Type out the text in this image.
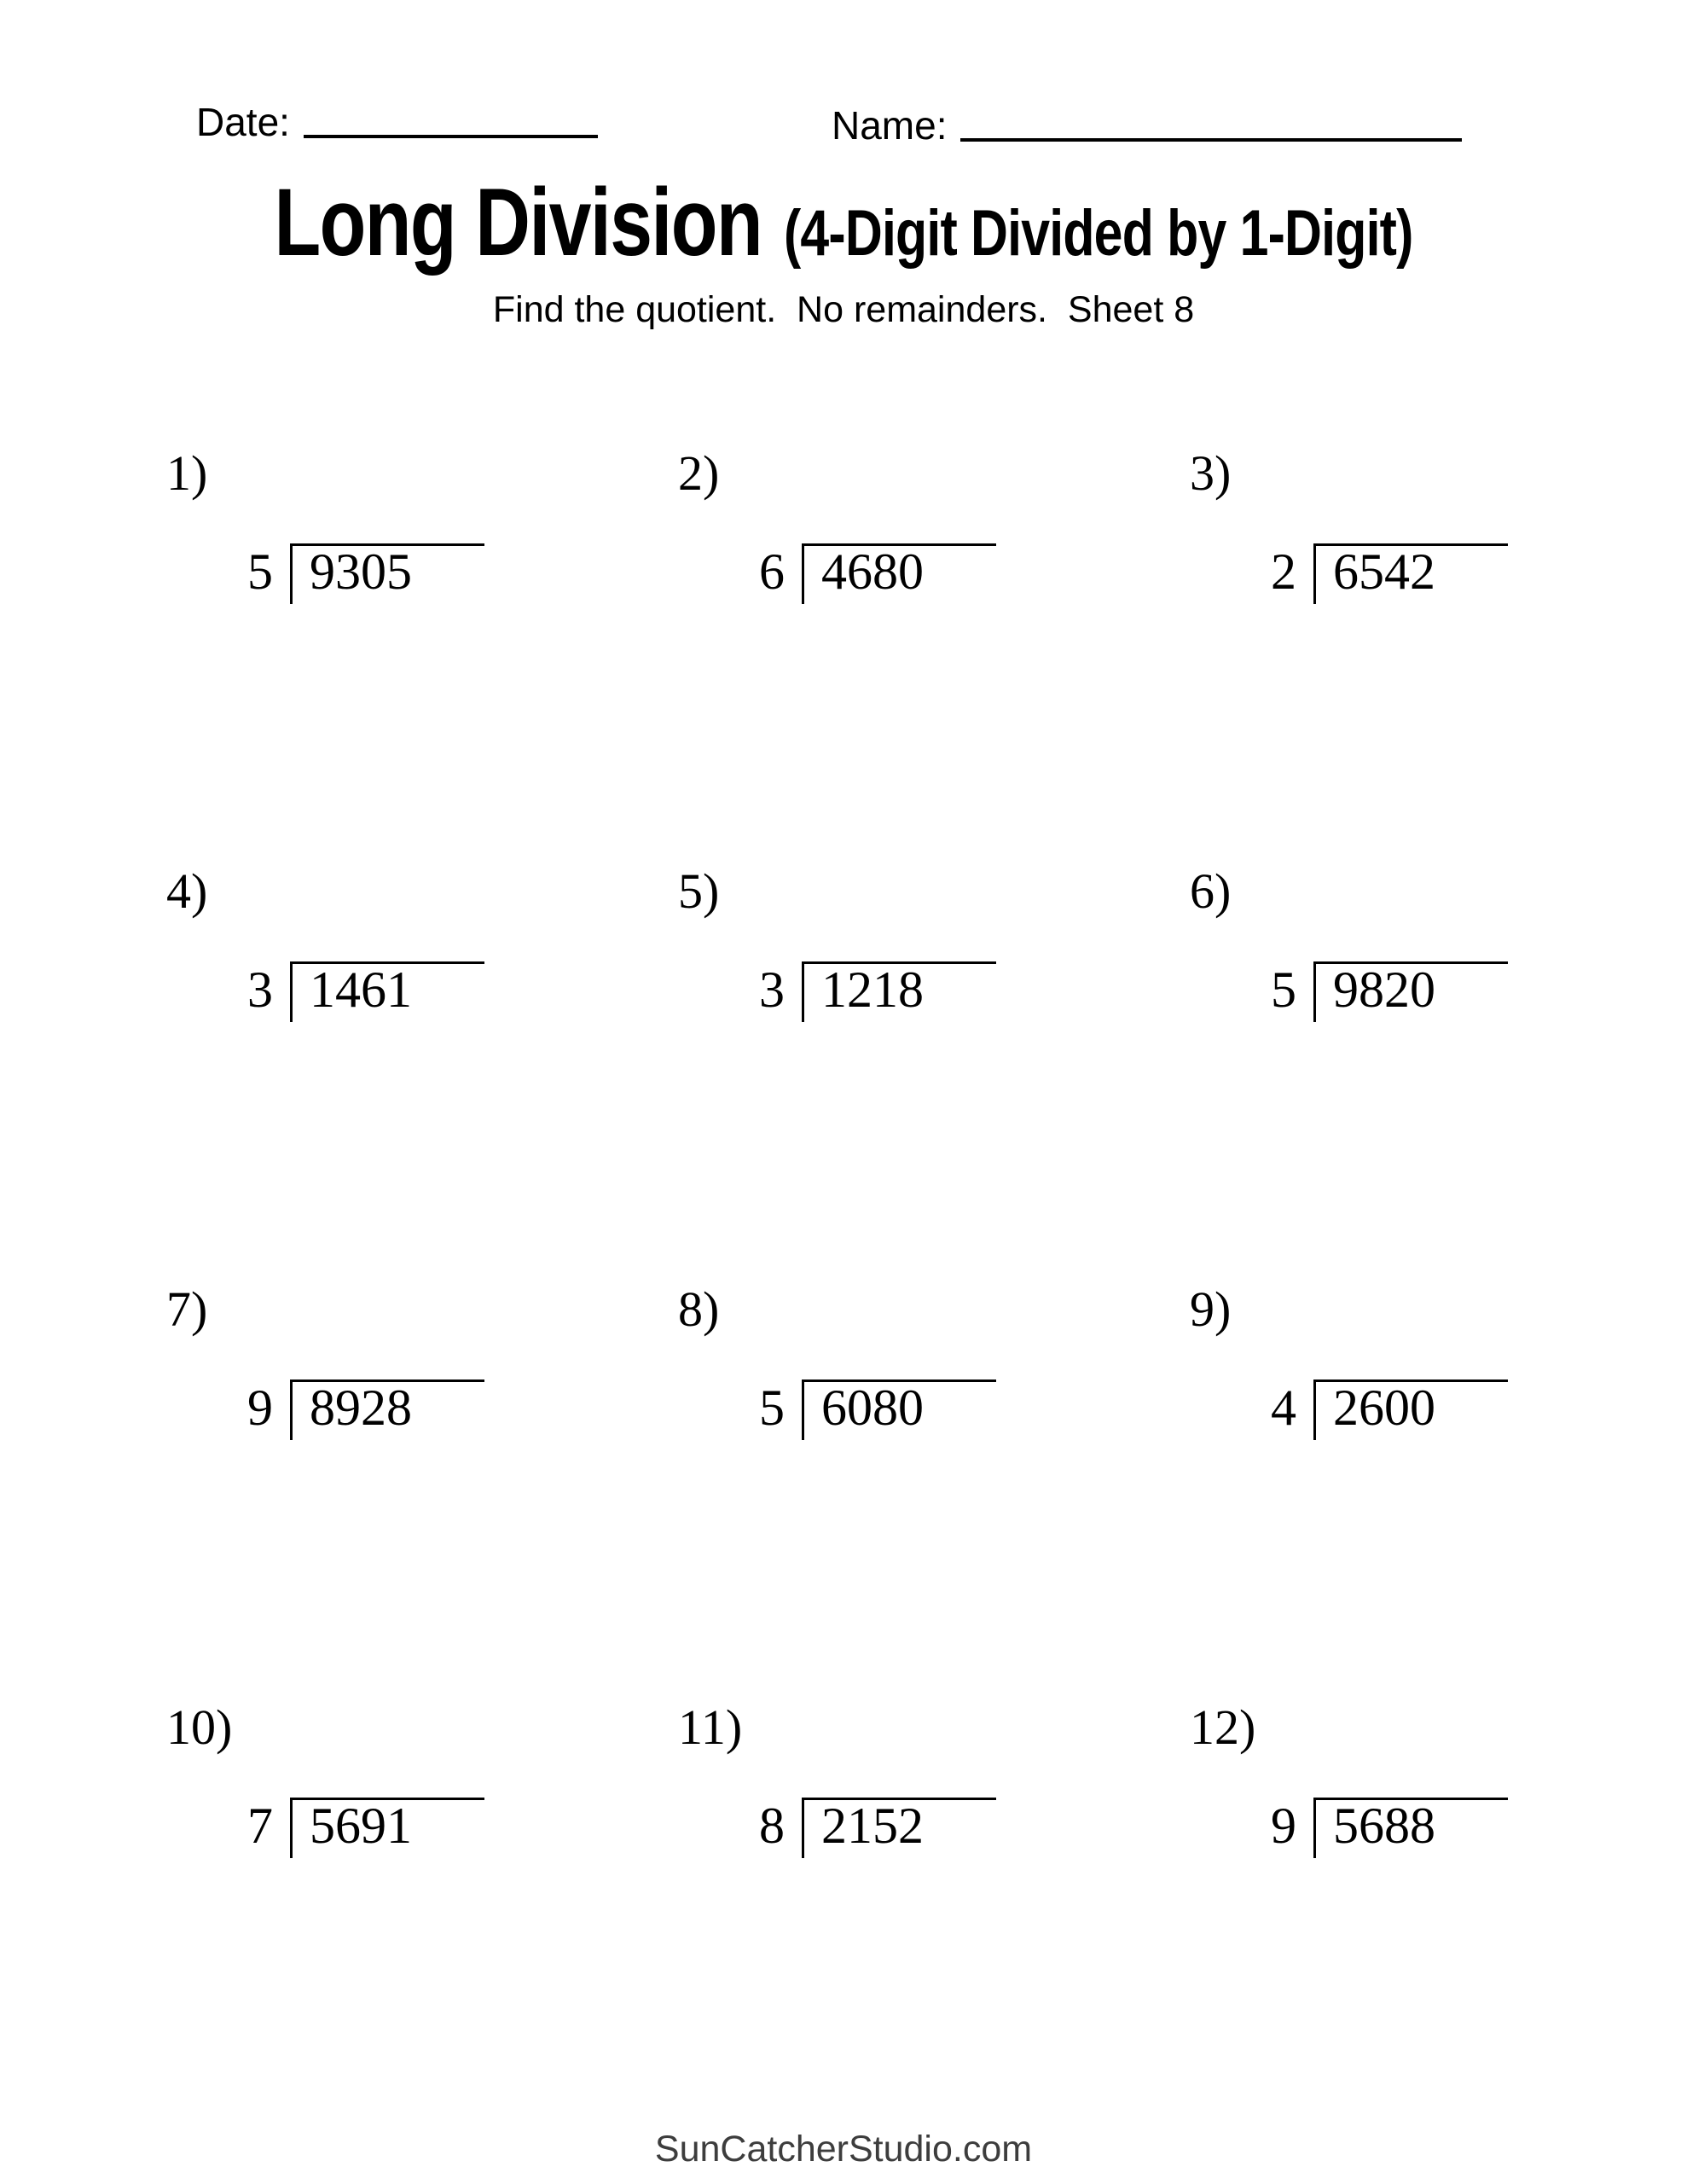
Date:	Name:
Long Division (4-Digit Divided by 1-Digit)
Find the quotient.  No remainders.  Sheet 8
1)
5 9305
2)
6 4680
3)
2 6542
4)
3 1461
5)
3 1218
6)
5 9820
7)
9 8928
8)
5 6080
9)
4 2600
10)
7 5691
11)
8 2152
12)
9 5688
SunCatcherStudio.com
